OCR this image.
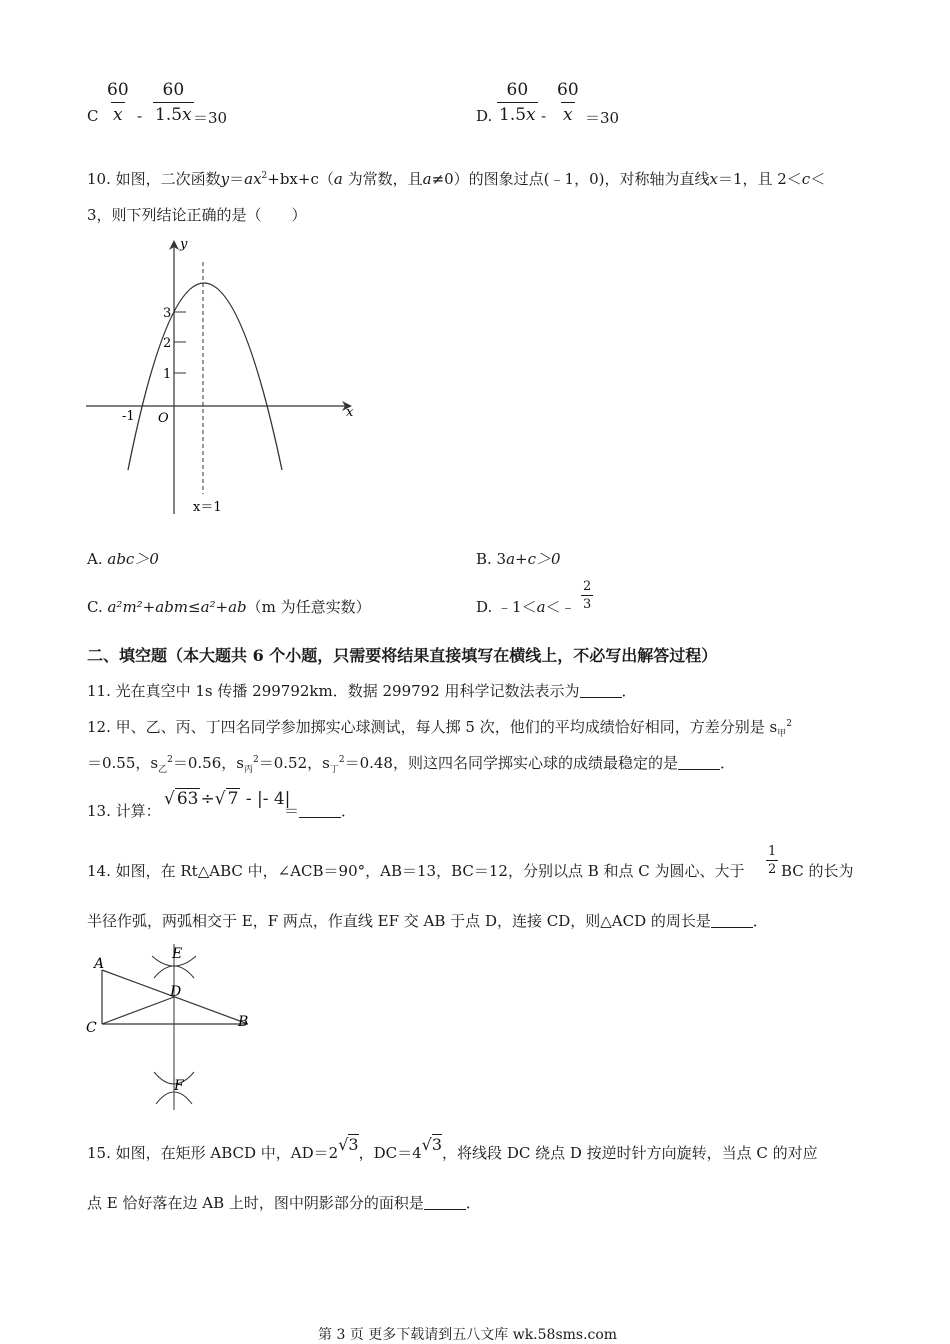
C $\frac{60}{x} - \frac{60}{1.5x} =30$	D. $\frac{60}{1.5x} - \frac{60}{x} =30$
10. 如图，二次函数$y=ax^2+bx+c(a$ 为常数，且a≠0）的图象过点(﹣1，0)，对称轴为直线x＝1，且 2＜c＜
3，则下列结论正确的是（　　）
y
x
O
-1
1
2
3
x＝1
A. abc＞0	B. 3a+c＞0
C. a²m²+abm≤a²+ab（m 为任意实数）	D. ﹣1＜a＜﹣ $\frac{2}{3}$
二、填空题（本大题共 6 个小题，只需要将结果直接填写在横线上，不必写出解答过程）
11. 光在真空中 1s 传播 299792km．数据 299792 用科学记数法表示为	．
12. 甲、乙、丙、丁四名同学参加掷实心球测试，每人掷 5 次，他们的平均成绩恰好相同，方差分别是 $s_甲^2$
＝0.55，$s_乙^2=0.56$，$s_丙^2=0.52$，$s_丁^2=0.48$，则这四名同学掷实心球的成绩最稳定的是	．
13. 计算：
√ 63 ÷√ 7 - |- 4|
＝	．
14. 如图，在 Rt△ABC 中，∠ACB＝90°，AB＝13，BC＝12，分别以点 B 和点 C 为圆心、大于 $\frac{1}{2}$ BC 的长为
半径作弧，两弧相交于 E，F 两点，作直线 EF 交 AB 于点 D，连接 CD，则△ACD 的周长是	．
A
B
C
D
E
F
15. 如图，在矩形 ABCD 中，AD＝2√3，DC＝4√3，将线段 DC 绕点 D 按逆时针方向旋转，当点 C 的对应
点 E 恰好落在边 AB 上时，图中阴影部分的面积是	．
第 3 页 更多下载请到五八文库 wk.58sms.com
